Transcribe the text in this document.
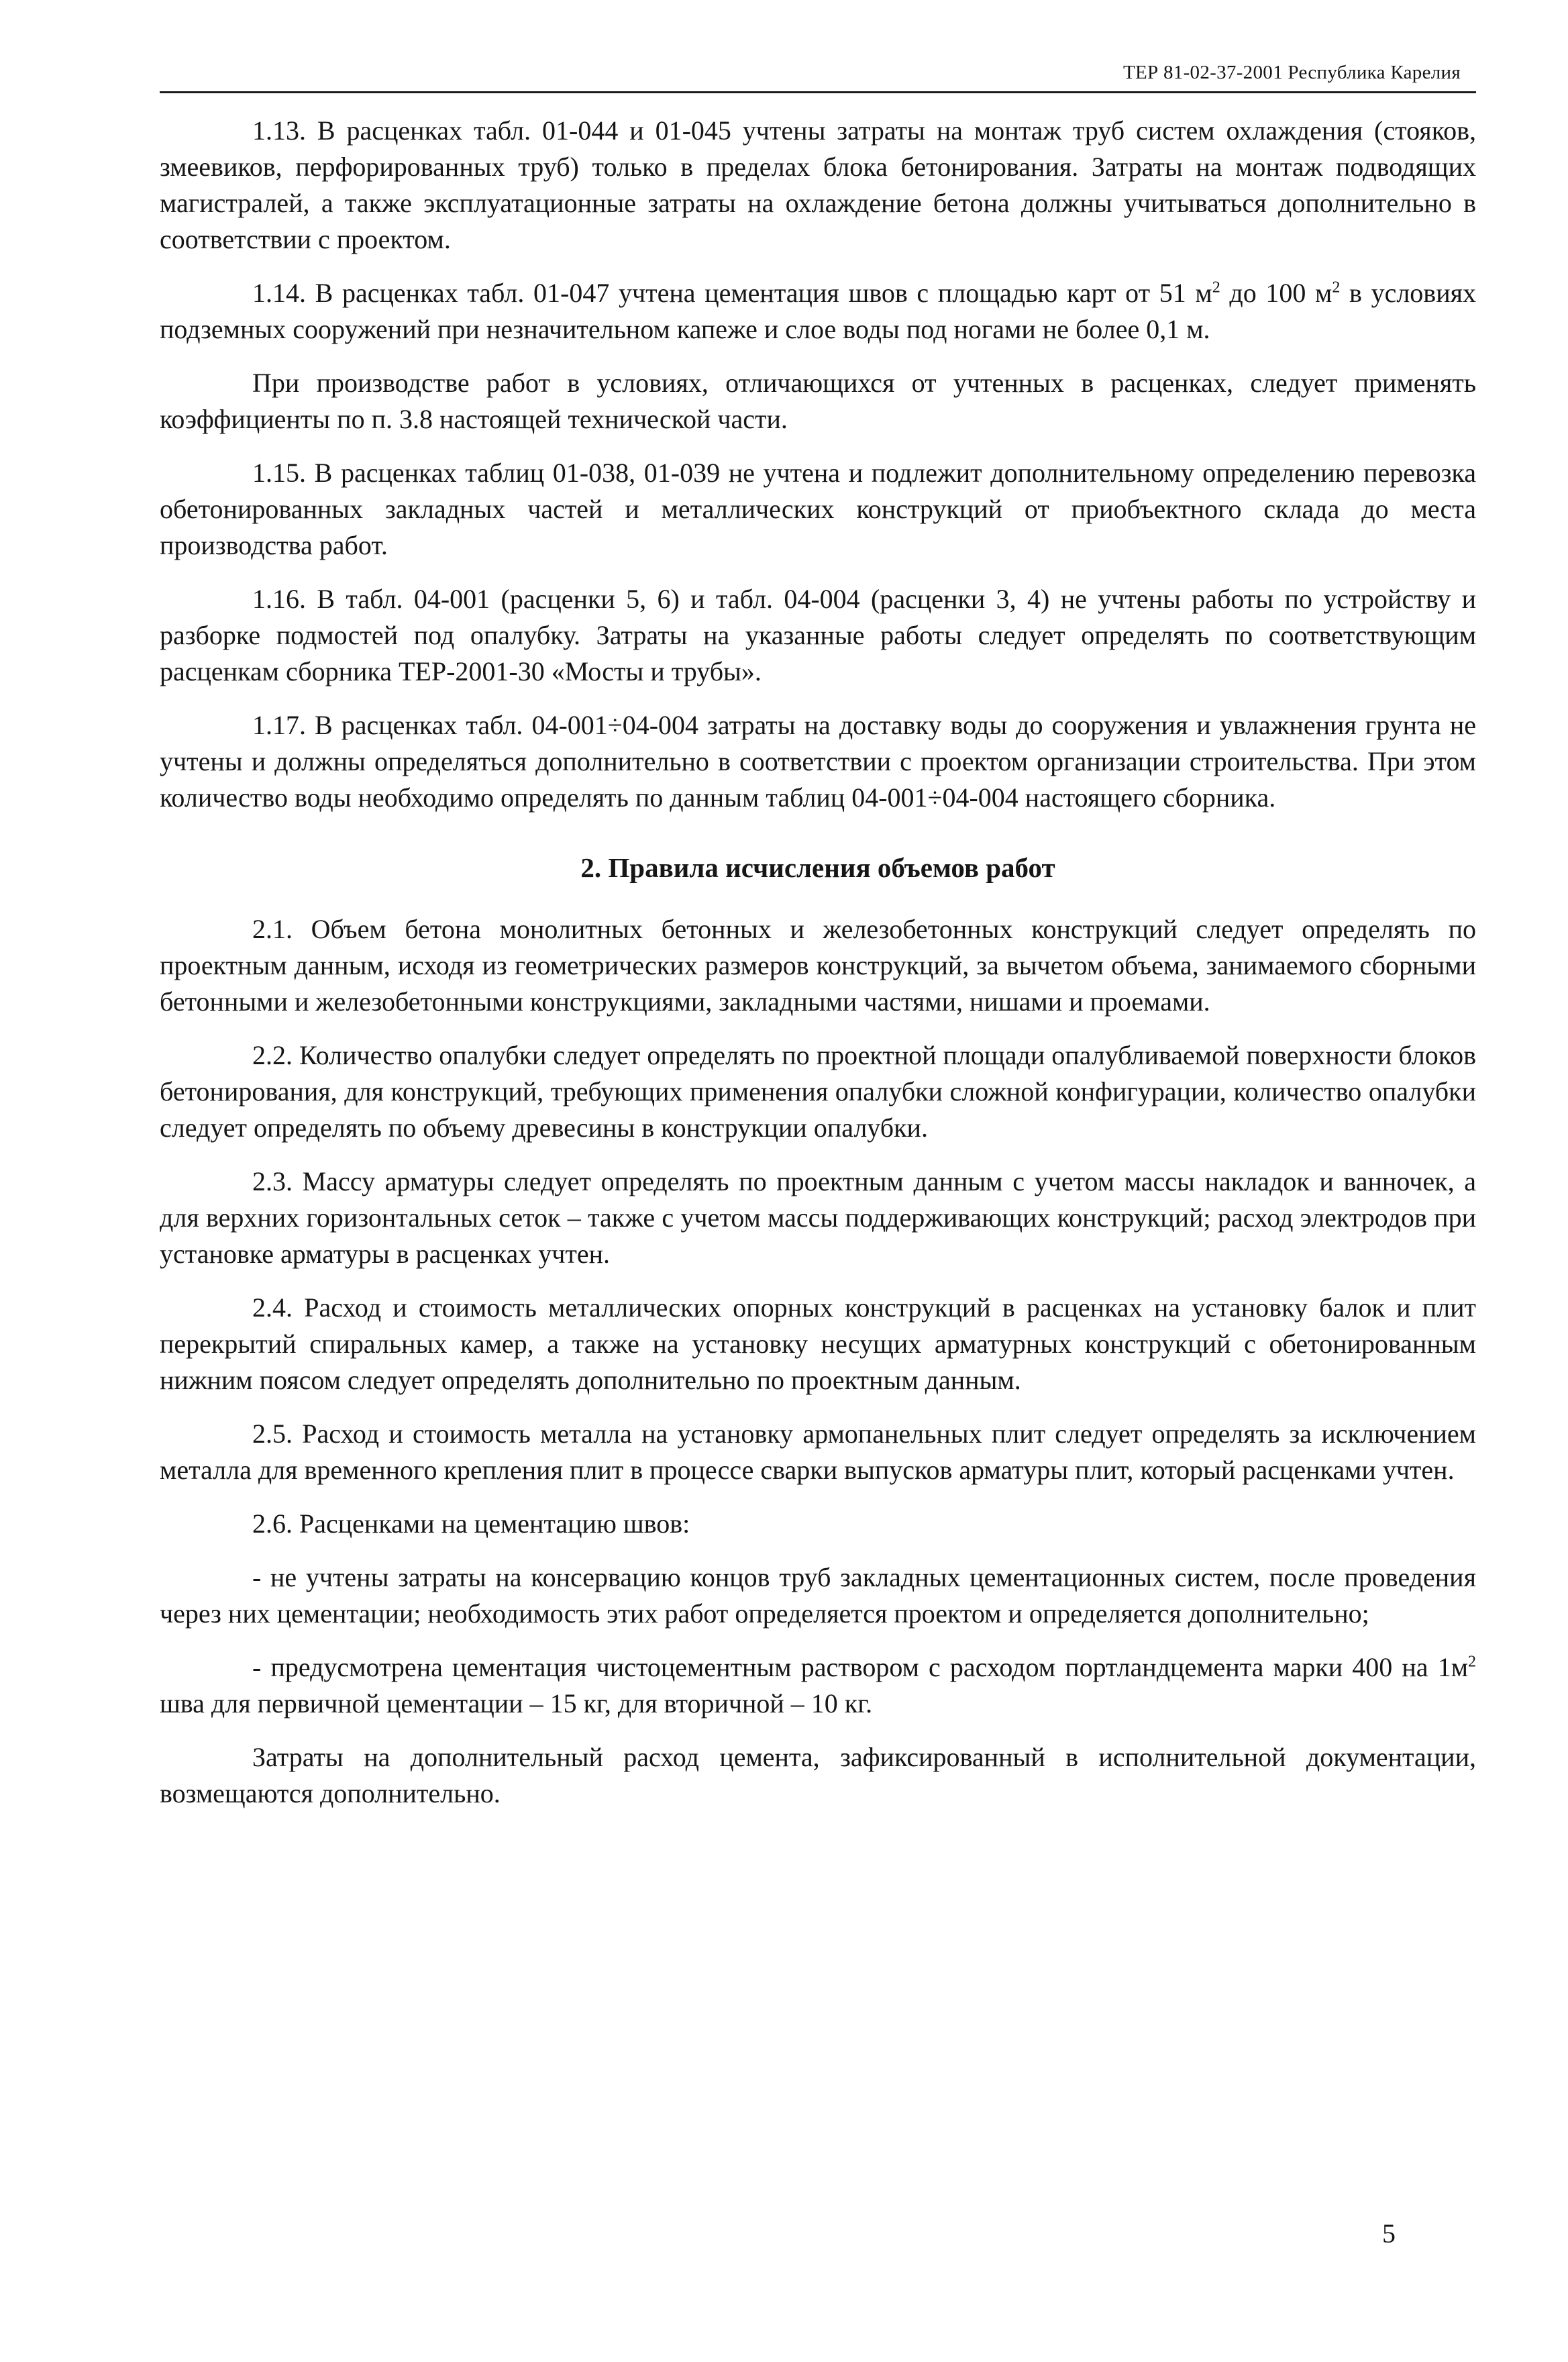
ТЕР 81-02-37-2001 Республика Карелия

1.13. В расценках табл. 01-044 и 01-045 учтены затраты на монтаж труб систем охлаждения (стояков, змеевиков, перфорированных труб) только в пределах блока бетонирования. Затраты на монтаж подводящих магистралей, а также эксплуатационные затраты на охлаждение бетона должны учитываться дополнительно в соответствии с проектом.

1.14. В расценках табл. 01-047 учтена цементация швов с площадью карт от 51 $м^2$ до 100 $м^2$ в условиях подземных сооружений при незначительном капеже и слое воды под ногами не более 0,1 м.

При производстве работ в условиях, отличающихся от учтенных в расценках, следует применять коэффициенты по п. 3.8 настоящей технической части.

1.15. В расценках таблиц 01-038, 01-039 не учтена и подлежит дополнительному определению перевозка обетонированных закладных частей и металлических конструкций от приобъектного склада до места производства работ.

1.16. В табл. 04-001 (расценки 5, 6) и табл. 04-004 (расценки 3, 4) не учтены работы по устройству и разборке подмостей под опалубку. Затраты на указанные работы следует определять по соответствующим расценкам сборника ТЕР-2001-30 «Мосты и трубы».

1.17. В расценках табл. 04-001÷04-004 затраты на доставку воды до сооружения и увлажнения грунта не учтены и должны определяться дополнительно в соответствии с проектом организации строительства. При этом количество воды необходимо определять по данным таблиц 04-001÷04-004 настоящего сборника.

2. Правила исчисления объемов работ

2.1. Объем бетона монолитных бетонных и железобетонных конструкций следует определять по проектным данным, исходя из геометрических размеров конструкций, за вычетом объема, занимаемого сборными бетонными и железобетонными конструкциями, закладными частями, нишами и проемами.

2.2. Количество опалубки следует определять по проектной площади опалубливаемой поверхности блоков бетонирования, для конструкций, требующих применения опалубки сложной конфигурации, количество опалубки следует определять по объему древесины в конструкции опалубки.

2.3. Массу арматуры следует определять по проектным данным с учетом массы накладок и ванночек, а для верхних горизонтальных сеток – также с учетом массы поддерживающих конструкций; расход электродов при установке арматуры в расценках учтен.

2.4. Расход и стоимость металлических опорных конструкций в расценках на установку балок и плит перекрытий спиральных камер, а также на установку несущих арматурных конструкций с обетонированным нижним поясом следует определять дополнительно по проектным данным.

2.5. Расход и стоимость металла на установку армопанельных плит следует определять за исключением металла для временного крепления плит в процессе сварки выпусков арматуры плит, который расценками учтен.

2.6. Расценками на цементацию швов:

- не учтены затраты на консервацию концов труб закладных цементационных систем, после проведения через них цементации; необходимость этих работ определяется проектом и определяется дополнительно;

- предусмотрена цементация чистоцементным раствором с расходом портландцемента марки 400 на $1м^2$ шва для первичной цементации – 15 кг, для вторичной – 10 кг.

Затраты на дополнительный расход цемента, зафиксированный в исполнительной документации, возмещаются дополнительно.

5
